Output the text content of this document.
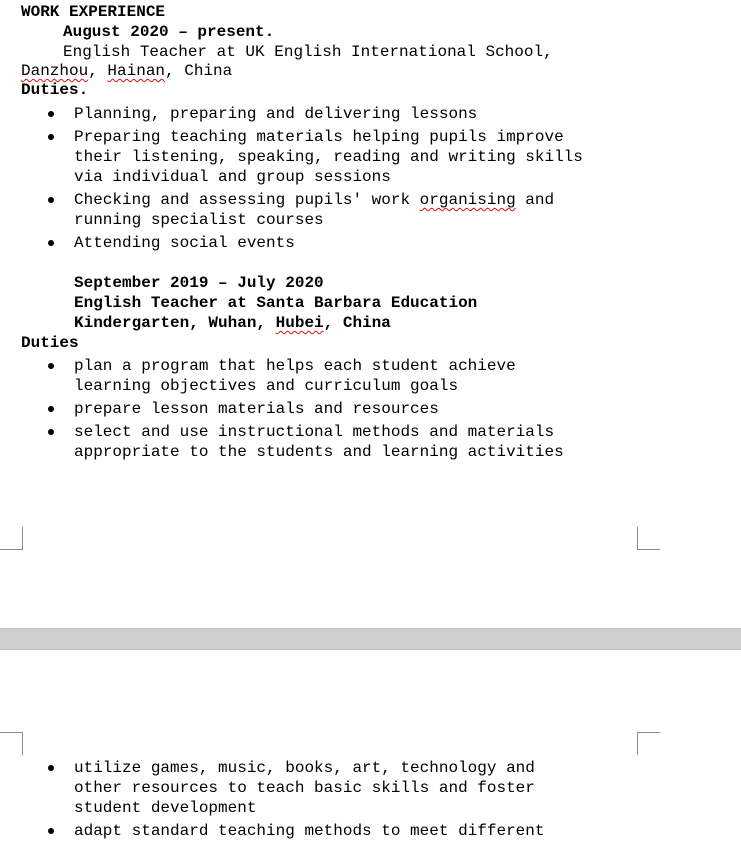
WORK EXPERIENCE
August 2020 – present.
English Teacher at UK English International School,
Danzhou, Hainan, China
Duties.
Planning, preparing and delivering lessons
Preparing teaching materials helping pupils improve
their listening, speaking, reading and writing skills
via individual and group sessions
Checking and assessing pupils' work organising and
running specialist courses
Attending social events
September 2019 – July 2020
English Teacher at Santa Barbara Education
Kindergarten, Wuhan, Hubei, China
Duties
plan a program that helps each student achieve
learning objectives and curriculum goals
prepare lesson materials and resources
select and use instructional methods and materials
appropriate to the students and learning activities
utilize games, music, books, art, technology and
other resources to teach basic skills and foster
student development
adapt standard teaching methods to meet different
